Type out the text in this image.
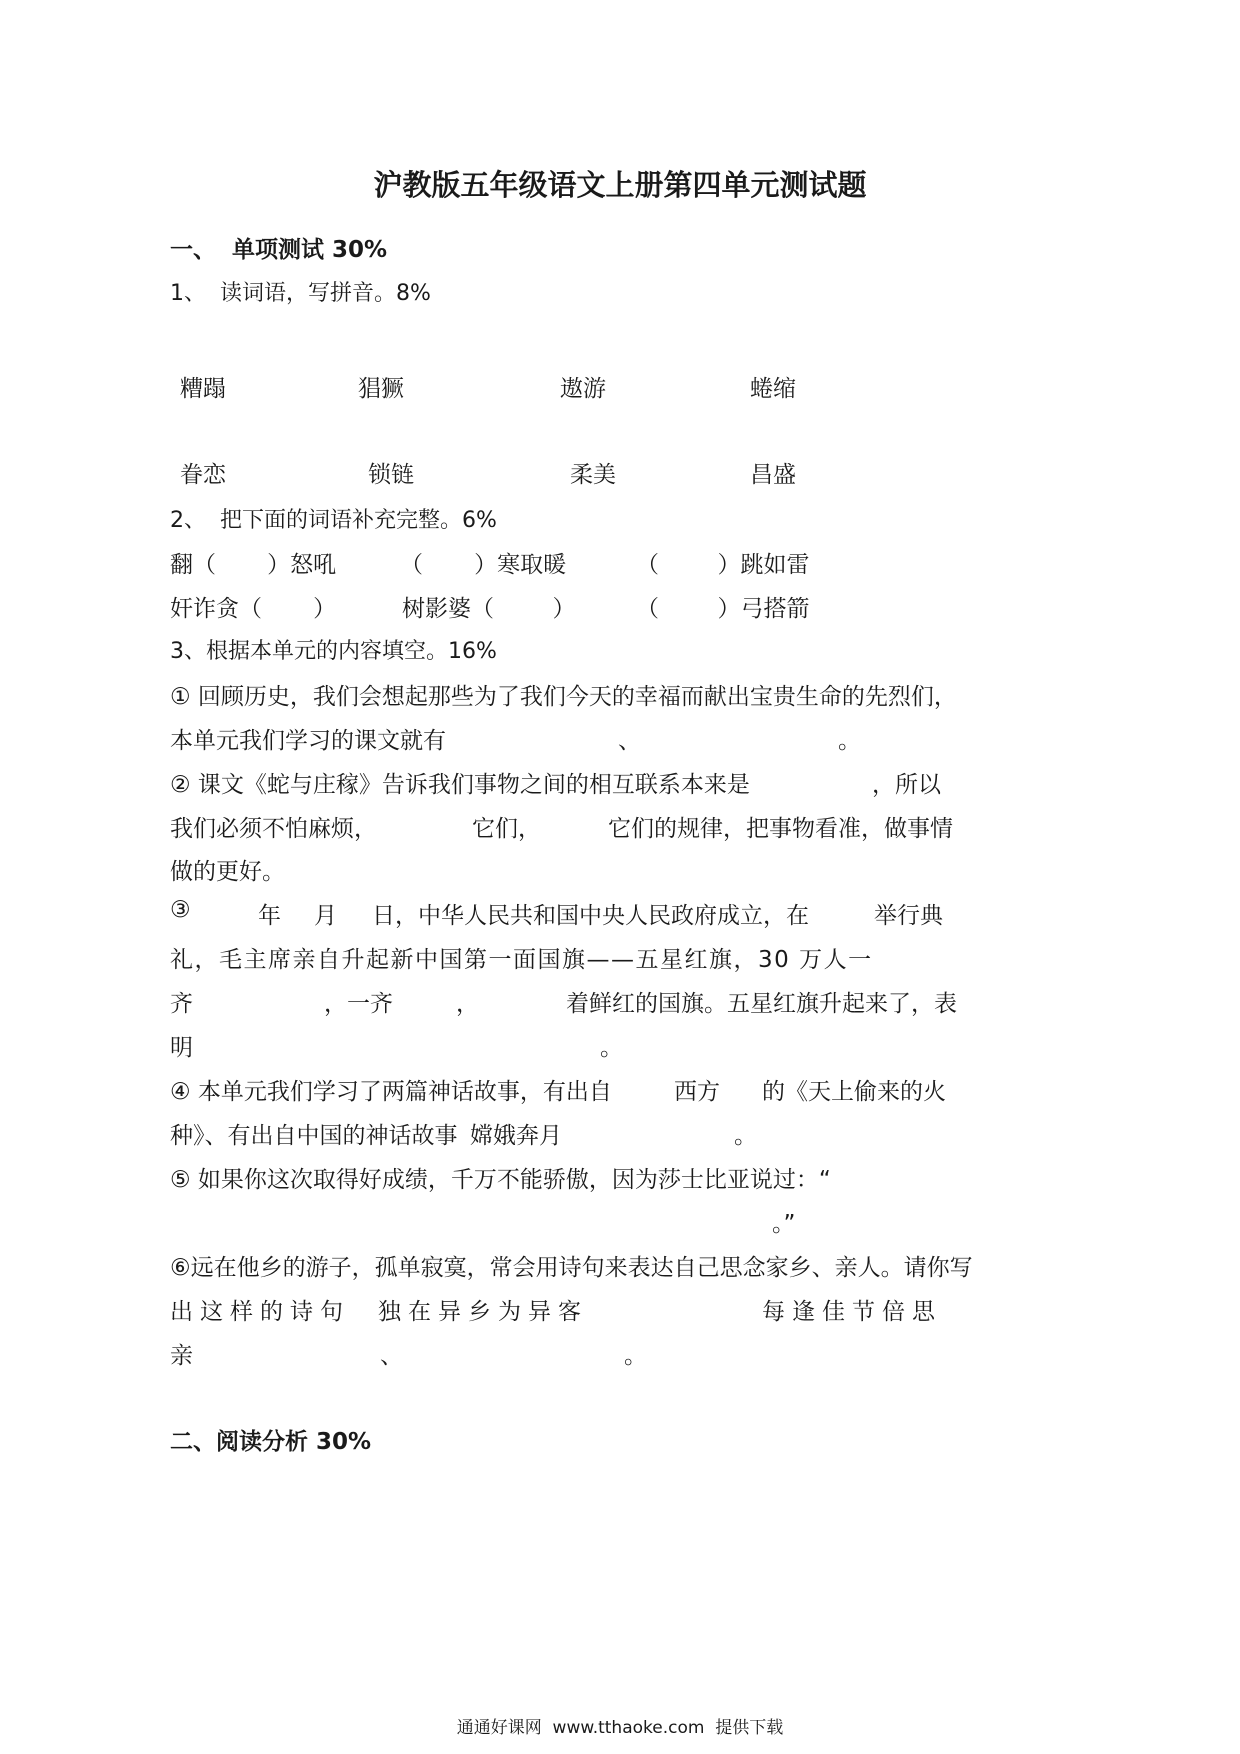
沪教版五年级语文上册第四单元测试题
一、  单项测试 30%
1、  读词语，写拼音。8%
糟蹋	猖獗	遨游	蜷缩
眷恋	锁链	柔美	昌盛
2、  把下面的词语补充完整。6%
翻（       ）怒吼	（       ）寒取暖	（        ）跳如雷
奸诈贪（       ）	树影婆（        ）	（        ）弓搭箭
3、根据本单元的内容填空。16%
① 回顾历史，我们会想起那些为了我们今天的幸福而献出宝贵生命的先烈们，
本单元我们学习的课文就有	、	。
② 课文《蛇与庄稼》告诉我们事物之间的相互联系本来是	，所以
我们必须不怕麻烦，	它们，	它们的规律，把事物看准，做事情
做的更好。
③	年 月 日，中华人民共和国中央人民政府成立，在	举行典
礼，毛主席亲自升起新中国第一面国旗——五星红旗，30 万人一
齐	，一齐	，	着鲜红的国旗。五星红旗升起来了，表
明	。
④ 本单元我们学习了两篇神话故事，有出自	西方 的《天上偷来的火
种》、有出自中国的神话故事 嫦娥奔月	。
⑤ 如果你这次取得好成绩，千万不能骄傲，因为莎士比亚说过：“
。”
⑥远在他乡的游子，孤单寂寞，常会用诗句来表达自己思念家乡、亲人。请你写
出这样的诗句 独在异乡为异客	每逢佳节倍思
亲	、	。
二、阅读分析 30%
通通好课网  www.tthaoke.com  提供下载
